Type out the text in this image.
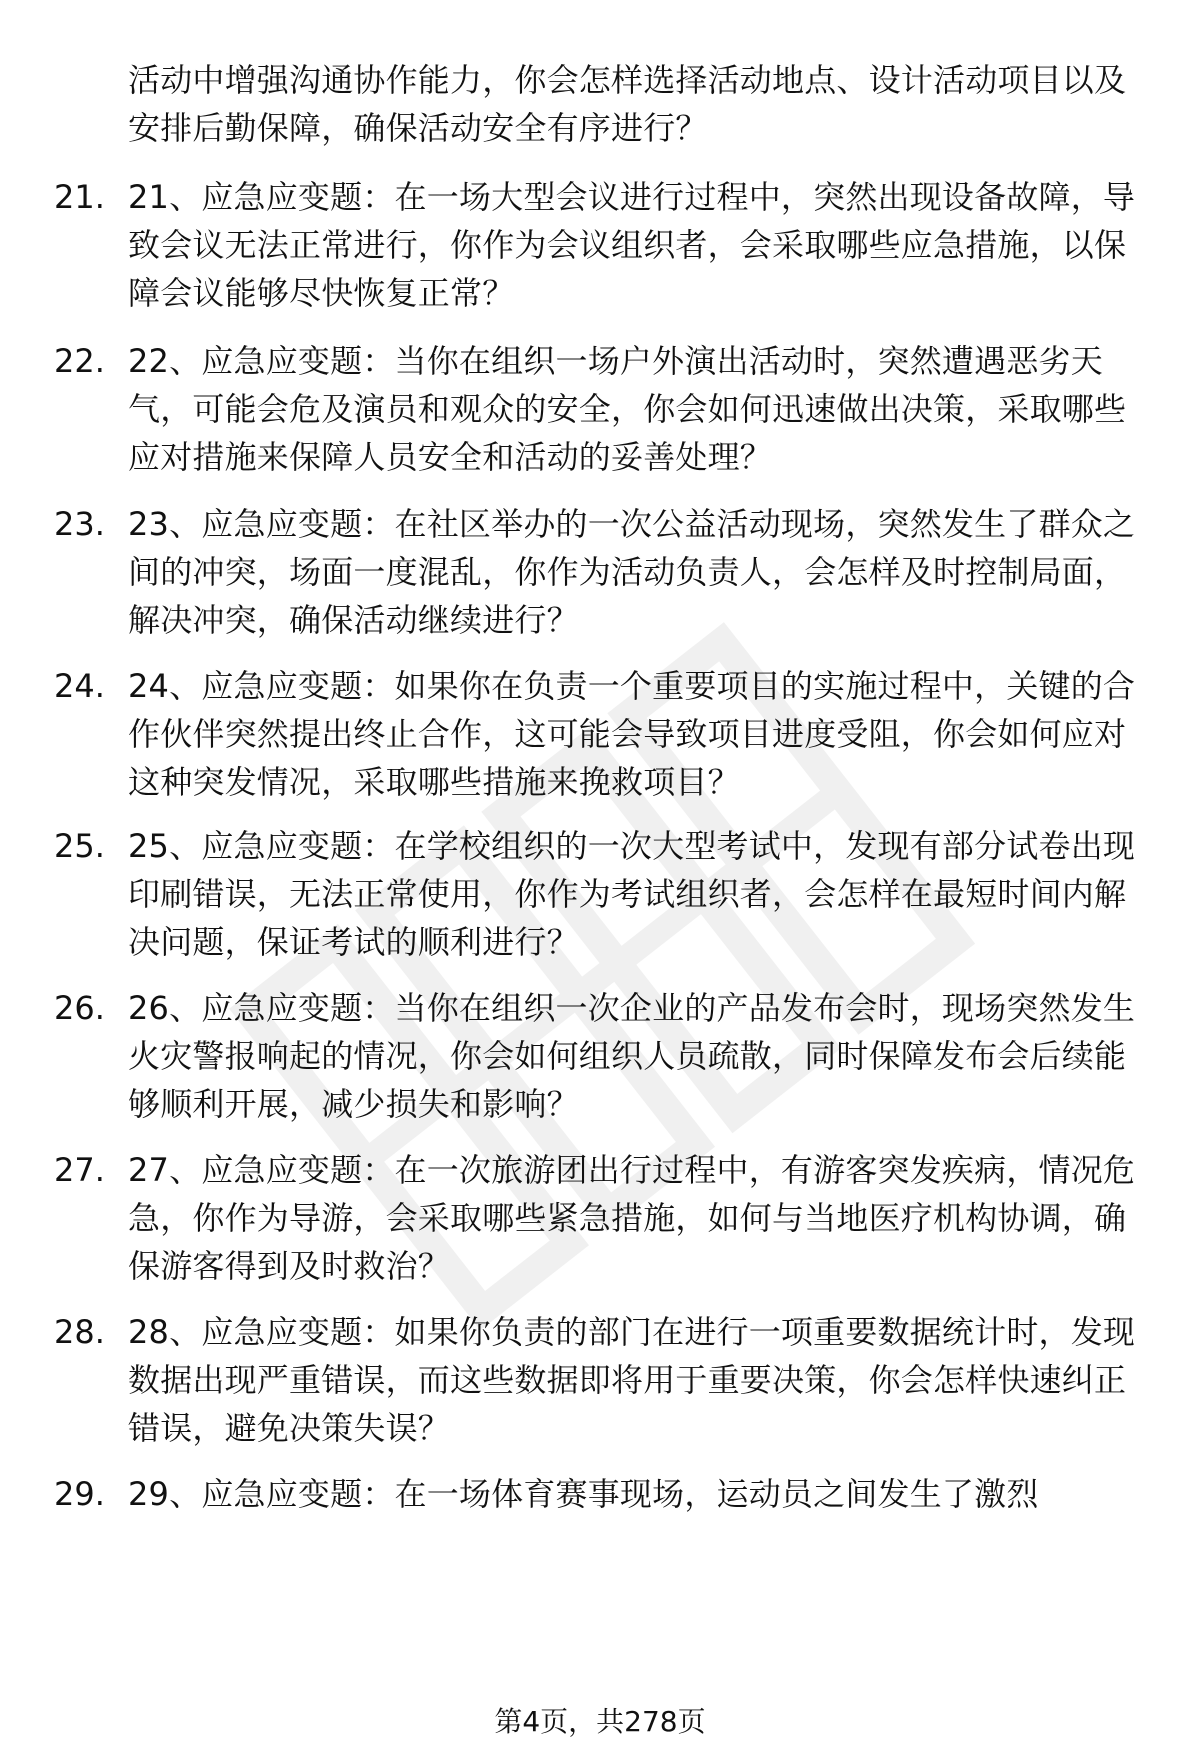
活动中增强沟通协作能力，你会怎样选择活动地点、设计活动项目以及安排后勤保障，确保活动安全有序进行？
21. 21、应急应变题：在一场大型会议进行过程中，突然出现设备故障，导致会议无法正常进行，你作为会议组织者，会采取哪些应急措施，以保障会议能够尽快恢复正常？
22. 22、应急应变题：当你在组织一场户外演出活动时，突然遭遇恶劣天气，可能会危及演员和观众的安全，你会如何迅速做出决策，采取哪些应对措施来保障人员安全和活动的妥善处理？
23. 23、应急应变题：在社区举办的一次公益活动现场，突然发生了群众之间的冲突，场面一度混乱，你作为活动负责人，会怎样及时控制局面，解决冲突，确保活动继续进行？
24. 24、应急应变题：如果你在负责一个重要项目的实施过程中，关键的合作伙伴突然提出终止合作，这可能会导致项目进度受阻，你会如何应对这种突发情况，采取哪些措施来挽救项目？
25. 25、应急应变题：在学校组织的一次大型考试中，发现有部分试卷出现印刷错误，无法正常使用，你作为考试组织者，会怎样在最短时间内解决问题，保证考试的顺利进行？
26. 26、应急应变题：当你在组织一次企业的产品发布会时，现场突然发生火灾警报响起的情况，你会如何组织人员疏散，同时保障发布会后续能够顺利开展，减少损失和影响？
27. 27、应急应变题：在一次旅游团出行过程中，有游客突发疾病，情况危急，你作为导游，会采取哪些紧急措施，如何与当地医疗机构协调，确保游客得到及时救治？
28. 28、应急应变题：如果你负责的部门在进行一项重要数据统计时，发现数据出现严重错误，而这些数据即将用于重要决策，你会怎样快速纠正错误，避免决策失误？
29. 29、应急应变题：在一场体育赛事现场，运动员之间发生了激烈
第4页，共278页
